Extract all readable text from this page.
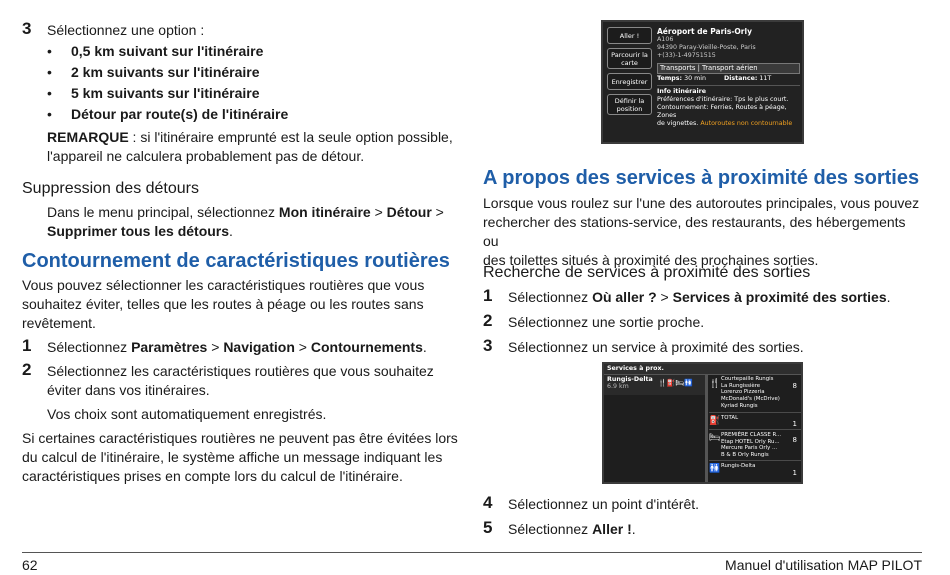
3 Sélectionnez une option :
• 0,5 km suivant sur l'itinéraire
• 2 km suivants sur l'itinéraire
• 5 km suivants sur l'itinéraire
• Détour par route(s) de l'itinéraire
REMARQUE : si l'itinéraire emprunté est la seule option possible,
l'appareil ne calculera probablement pas de détour.
Suppression des détours
Dans le menu principal, sélectionnez Mon itinéraire > Détour >
Supprimer tous les détours.
Contournement de caractéristiques routières
Vous pouvez sélectionner les caractéristiques routières que vous
souhaitez éviter, telles que les routes à péage ou les routes sans
revêtement.
1 Sélectionnez Paramètres > Navigation > Contournements.
2 Sélectionnez les caractéristiques routières que vous souhaitez
éviter dans vos itinéraires.
Vos choix sont automatiquement enregistrés.
Si certaines caractéristiques routières ne peuvent pas être évitées lors
du calcul de l'itinéraire, le système affiche un message indiquant les
caractéristiques prises en compte lors du calcul de l'itinéraire.
Aller !
Parcourir la carte
Enregistrer
Définir la position
Aéroport de Paris-Orly
A106
94390 Paray-Vieille-Poste, Paris
+(33)-1-49751515
Transports | Transport aérien
Temps:
30 min	Distance:
11T
Info itinéraire
Préférences d'itinéraire: Tps le plus court.
Contournement: Ferries, Routes à péage, Zones
de vignettes. Autoroutes non contournable
A propos des services à proximité des sorties
Lorsque vous roulez sur l'une des autoroutes principales, vous pouvez
rechercher des stations-service, des restaurants, des hébergements ou
des toilettes situés à proximité des prochaines sorties.
Recherche de services à proximité des sorties
1 Sélectionnez Où aller ? > Services à proximité des sorties.
2 Sélectionnez une sortie proche.
3 Sélectionnez un service à proximité des sorties.
Services à prox.
Rungis-Delta
6.9 km	🍴⛽🛏🚻 🍴 Courtepaille Rungis
La Rungissière
Lorenzo Pizzeria
McDonald's (McDrive)
Kyriad Rungis
8
⛽ TOTAL
1
🛏 PREMIÈRE CLASSE R...
Etap HOTEL Orly Ru...
Mercure Paris Orly ...
B & B Orly Rungis
8
🚻 Rungis-Delta
1
4 Sélectionnez un point d'intérêt.
5 Sélectionnez Aller !.
62	Manuel d'utilisation MAP PILOT
